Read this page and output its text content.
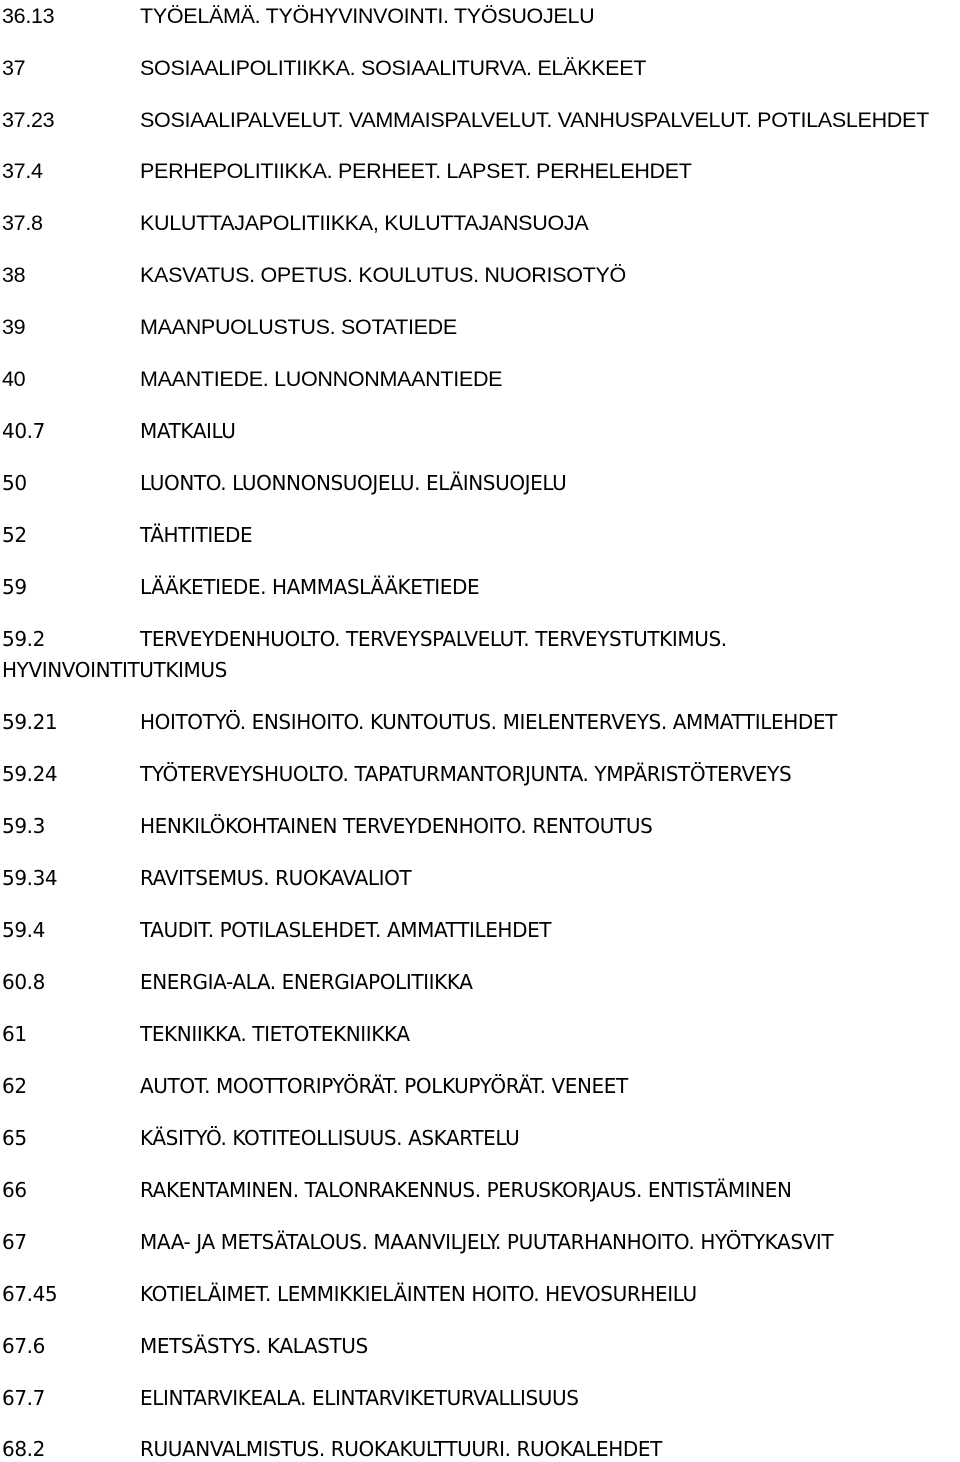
36.13	TYÖELÄMÄ. TYÖHYVINVOINTI. TYÖSUOJELU
37	SOSIAALIPOLITIIKKA. SOSIAALITURVA. ELÄKKEET
37.23	SOSIAALIPALVELUT. VAMMAISPALVELUT. VANHUSPALVELUT. POTILASLEHDET
37.4	PERHEPOLITIIKKA. PERHEET. LAPSET. PERHELEHDET
37.8	KULUTTAJAPOLITIIKKA, KULUTTAJANSUOJA
38	KASVATUS. OPETUS. KOULUTUS. NUORISOTYÖ
39	MAANPUOLUSTUS. SOTATIEDE
40	MAANTIEDE. LUONNONMAANTIEDE
40.7	MATKAILU
50	LUONTO. LUONNONSUOJELU. ELÄINSUOJELU
52	TÄHTITIEDE
59	LÄÄKETIEDE. HAMMASLÄÄKETIEDE
59.2	TERVEYDENHUOLTO. TERVEYSPALVELUT. TERVEYSTUTKIMUS.
HYVINVOINTITUTKIMUS
59.21	HOITOTYÖ. ENSIHOITO. KUNTOUTUS. MIELENTERVEYS. AMMATTILEHDET
59.24	TYÖTERVEYSHUOLTO. TAPATURMANTORJUNTA. YMPÄRISTÖTERVEYS
59.3	HENKILÖKOHTAINEN TERVEYDENHOITO. RENTOUTUS
59.34	RAVITSEMUS. RUOKAVALIOT
59.4	TAUDIT. POTILASLEHDET. AMMATTILEHDET
60.8	ENERGIA-ALA. ENERGIAPOLITIIKKA
61	TEKNIIKKA. TIETOTEKNIIKKA
62	AUTOT. MOOTTORIPYÖRÄT. POLKUPYÖRÄT. VENEET
65	KÄSITYÖ. KOTITEOLLISUUS. ASKARTELU
66	RAKENTAMINEN. TALONRAKENNUS. PERUSKORJAUS. ENTISTÄMINEN
67	MAA- JA METSÄTALOUS. MAANVILJELY. PUUTARHANHOITO. HYÖTYKASVIT
67.45	KOTIELÄIMET. LEMMIKKIELÄINTEN HOITO. HEVOSURHEILU
67.6	METSÄSTYS. KALASTUS
67.7	ELINTARVIKEALA. ELINTARVIKETURVALLISUUS
68.2	RUUANVALMISTUS. RUOKAKULTTUURI. RUOKALEHDET
